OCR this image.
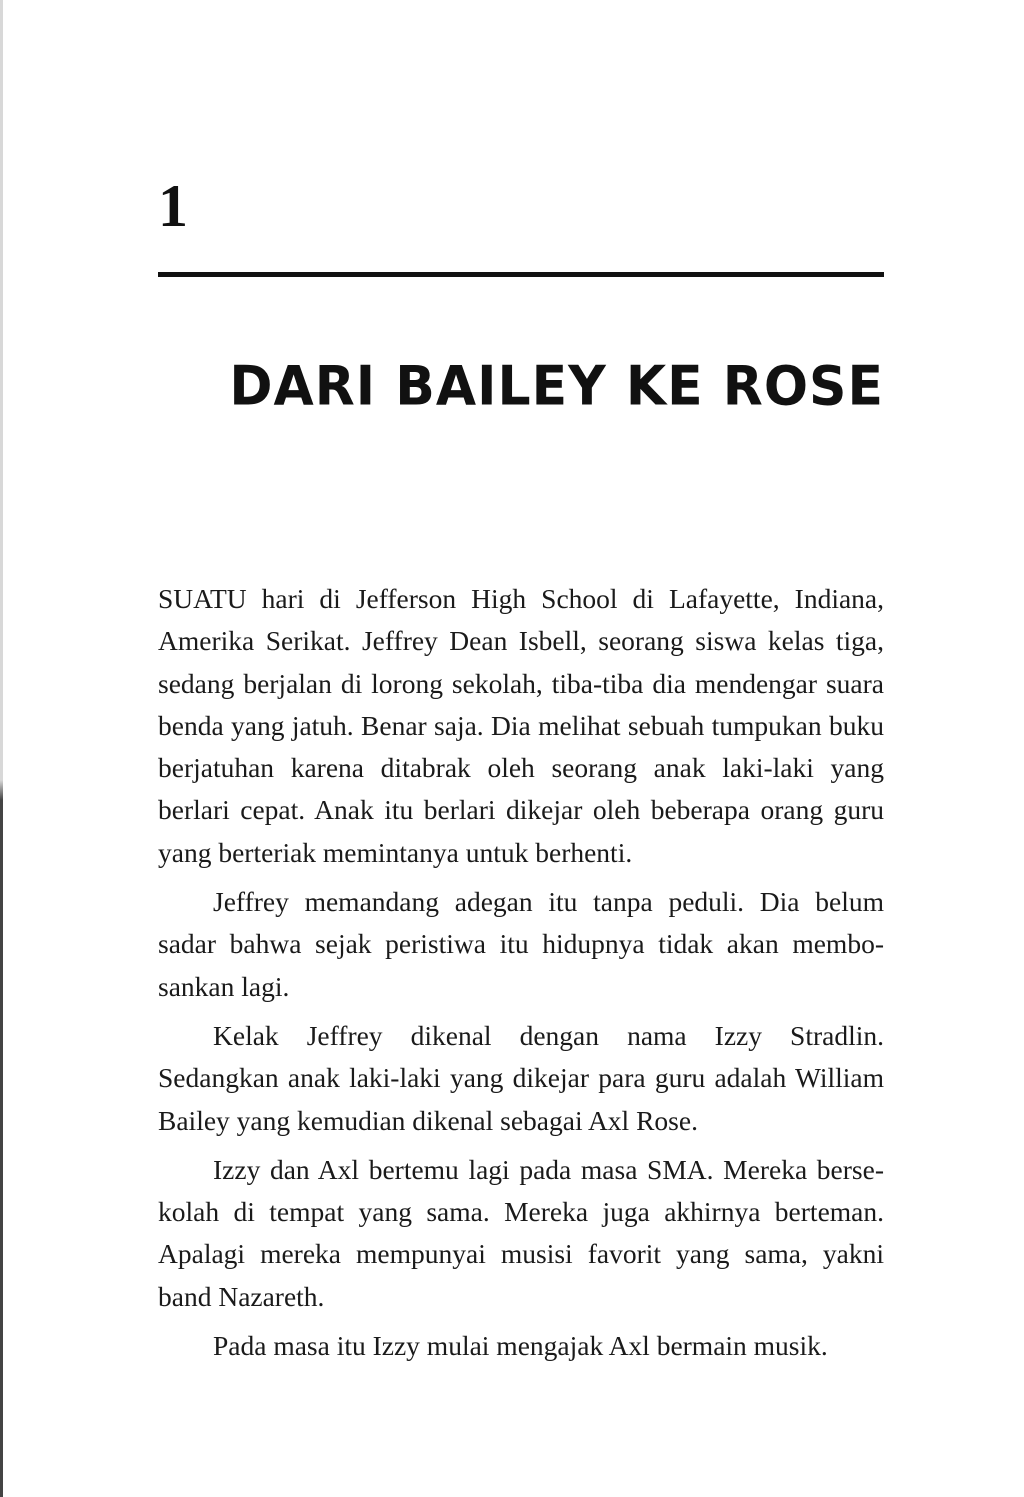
1
DARI BAILEY KE ROSE

SUATU hari di Jefferson High School di Lafayette, Indiana, Amerika Serikat. Jeffrey Dean Isbell, seorang siswa kelas tiga, sedang berjalan di lorong sekolah, tiba-tiba dia mendengar suara benda yang jatuh. Benar saja. Dia melihat sebuah tumpukan buku berjatuhan karena ditabrak oleh seorang anak laki-laki yang berlari cepat. Anak itu berlari dikejar oleh beberapa orang guru yang berteriak memintanya untuk berhenti.

Jeffrey memandang adegan itu tanpa peduli. Dia belum sadar bahwa sejak peristiwa itu hidupnya tidak akan membosankan lagi.

Kelak Jeffrey dikenal dengan nama Izzy Stradlin. Sedangkan anak laki-laki yang dikejar para guru adalah William Bailey yang kemudian dikenal sebagai Axl Rose.

Izzy dan Axl bertemu lagi pada masa SMA. Mereka bersekolah di tempat yang sama. Mereka juga akhirnya berteman. Apalagi mereka mempunyai musisi favorit yang sama, yakni band Nazareth.

Pada masa itu Izzy mulai mengajak Axl bermain musik.
